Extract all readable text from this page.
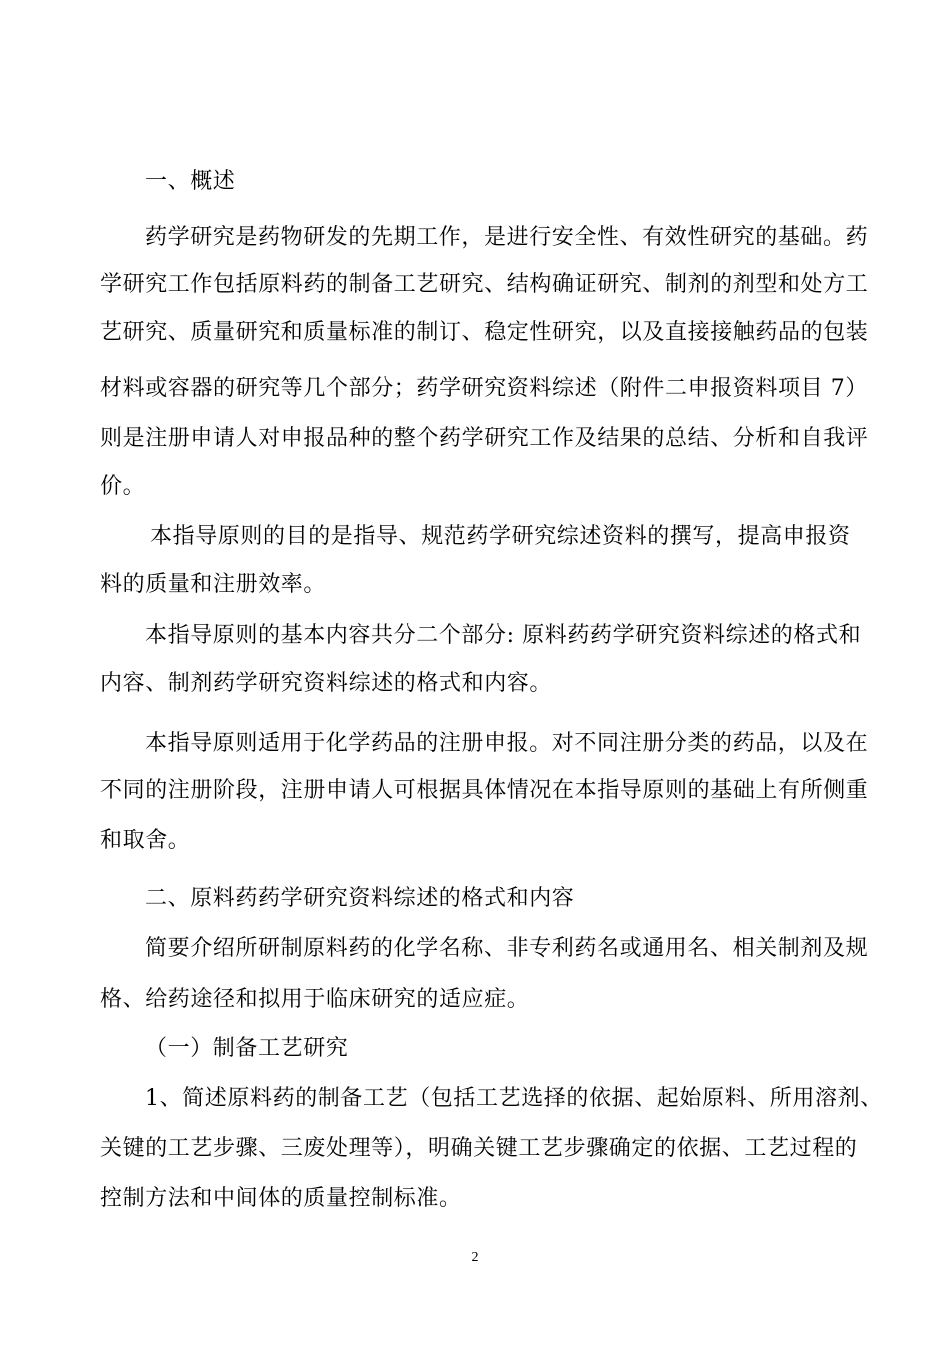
一、概述
药学研究是药物研发的先期工作，是进行安全性、有效性研究的基础。药
学研究工作包括原料药的制备工艺研究、结构确证研究、制剂的剂型和处方工
艺研究、质量研究和质量标准的制订、稳定性研究，以及直接接触药品的包装
材料或容器的研究等几个部分；药学研究资料综述（附件二申报资料项目 7）
则是注册申请人对申报品种的整个药学研究工作及结果的总结、分析和自我评
价。
本指导原则的目的是指导、规范药学研究综述资料的撰写，提高申报资
料的质量和注册效率。
本指导原则的基本内容共分二个部分: 原料药药学研究资料综述的格式和
内容、制剂药学研究资料综述的格式和内容。
本指导原则适用于化学药品的注册申报。对不同注册分类的药品，以及在
不同的注册阶段，注册申请人可根据具体情况在本指导原则的基础上有所侧重
和取舍。
二、原料药药学研究资料综述的格式和内容
简要介绍所研制原料药的化学名称、非专利药名或通用名、相关制剂及规
格、给药途径和拟用于临床研究的适应症。
（一）制备工艺研究
1、简述原料药的制备工艺（包括工艺选择的依据、起始原料、所用溶剂、
关键的工艺步骤、三废处理等），明确关键工艺步骤确定的依据、工艺过程的
控制方法和中间体的质量控制标准。
2
